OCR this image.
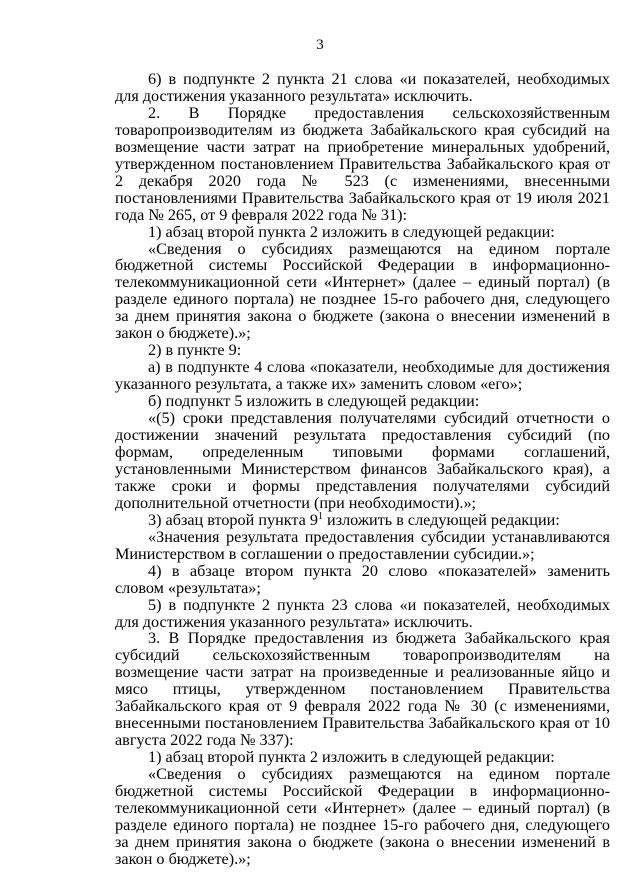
3

6) в подпункте 2 пункта 21 слова «и показателей, необходимых для достижения указанного результата» исключить.

2. В Порядке предоставления сельскохозяйственным товаропроизводителям из бюджета Забайкальского края субсидий на возмещение части затрат на приобретение минеральных удобрений, утвержденном постановлением Правительства Забайкальского края от 2 декабря 2020 года № 523 (с изменениями, внесенными постановлениями Правительства Забайкальского края от 19 июля 2021 года № 265, от 9 февраля 2022 года № 31):

1) абзац второй пункта 2 изложить в следующей редакции:

«Сведения о субсидиях размещаются на едином портале бюджетной системы Российской Федерации в информационно-телекоммуникационной сети «Интернет» (далее – единый портал) (в разделе единого портала) не позднее 15-го рабочего дня, следующего за днем принятия закона о бюджете (закона о внесении изменений в закон о бюджете).»;

2) в пункте 9:

а) в подпункте 4 слова «показатели, необходимые для достижения указанного результата, а также их» заменить словом «его»;

б) подпункт 5 изложить в следующей редакции:

«(5) сроки представления получателями субсидий отчетности о достижении значений результата предоставления субсидий (по формам, определенным типовыми формами соглашений, установленными Министерством финансов Забайкальского края), а также сроки и формы представления получателями субсидий дополнительной отчетности (при необходимости).»;

3) абзац второй пункта $9^1$ изложить в следующей редакции:

«Значения результата предоставления субсидии устанавливаются Министерством в соглашении о предоставлении субсидии.»;

4) в абзаце втором пункта 20 слово «показателей» заменить словом «результата»;

5) в подпункте 2 пункта 23 слова «и показателей, необходимых для достижения указанного результата» исключить.

3. В Порядке предоставления из бюджета Забайкальского края субсидий сельскохозяйственным товаропроизводителям на возмещение части затрат на произведенные и реализованные яйцо и мясо птицы, утвержденном постановлением Правительства Забайкальского края от 9 февраля 2022 года № 30 (с изменениями, внесенными постановлением Правительства Забайкальского края от 10 августа 2022 года № 337):

1) абзац второй пункта 2 изложить в следующей редакции:

«Сведения о субсидиях размещаются на едином портале бюджетной системы Российской Федерации в информационно-телекоммуникационной сети «Интернет» (далее – единый портал) (в разделе единого портала) не позднее 15-го рабочего дня, следующего за днем принятия закона о бюджете (закона о внесении изменений в закон о бюджете).»;
